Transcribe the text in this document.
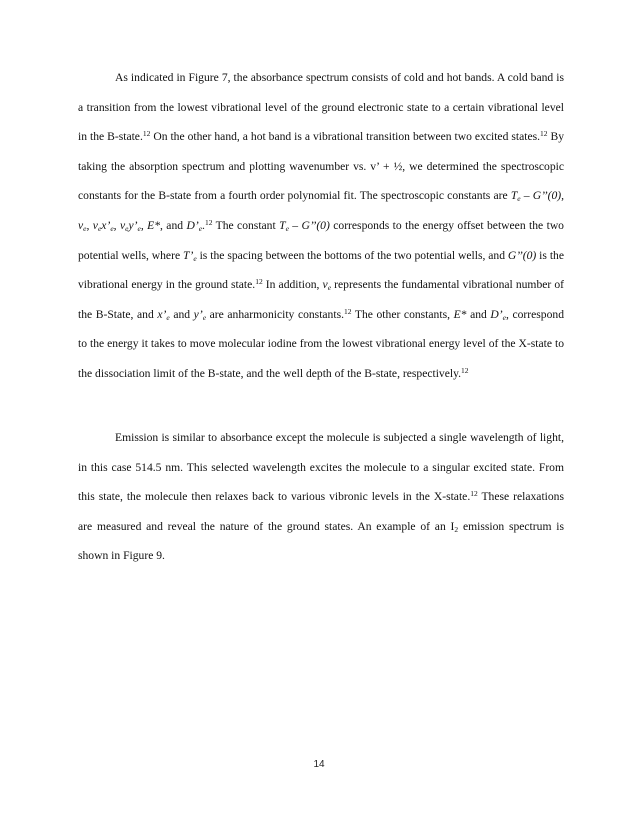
As indicated in Figure 7, the absorbance spectrum consists of cold and hot bands. A cold band is a transition from the lowest vibrational level of the ground electronic state to a certain vibrational level in the B-state.$^{12}$ On the other hand, a hot band is a vibrational transition between two excited states.$^{12}$ By taking the absorption spectrum and plotting wavenumber vs. v’ + ½, we determined the spectroscopic constants for the B-state from a fourth order polynomial fit. The spectroscopic constants are $T_e$ – G’’(0), $v_e$, $v_ex’_e$, $v_ey’_e$, E*, and $D’_e.^{12}$ The constant $T_e$ – G’’(0) corresponds to the energy offset between the two potential wells, where $T’_e$ is the spacing between the bottoms of the two potential wells, and G’’(0) is the vibrational energy in the ground state.$^{12}$ In addition, $v_e$ represents the fundamental vibrational number of the B-State, and $x’_e$ and $y’_e$ are anharmonicity constants.$^{12}$ The other constants, E* and $D’_e$, correspond to the energy it takes to move molecular iodine from the lowest vibrational energy level of the X-state to the dissociation limit of the B-state, and the well depth of the B-state, respectively.$^{12}$

Emission is similar to absorbance except the molecule is subjected a single wavelength of light, in this case 514.5 nm. This selected wavelength excites the molecule to a singular excited state. From this state, the molecule then relaxes back to various vibronic levels in the X-state.$^{12}$ These relaxations are measured and reveal the nature of the ground states. An example of an $I_2$ emission spectrum is shown in Figure 9.

14
